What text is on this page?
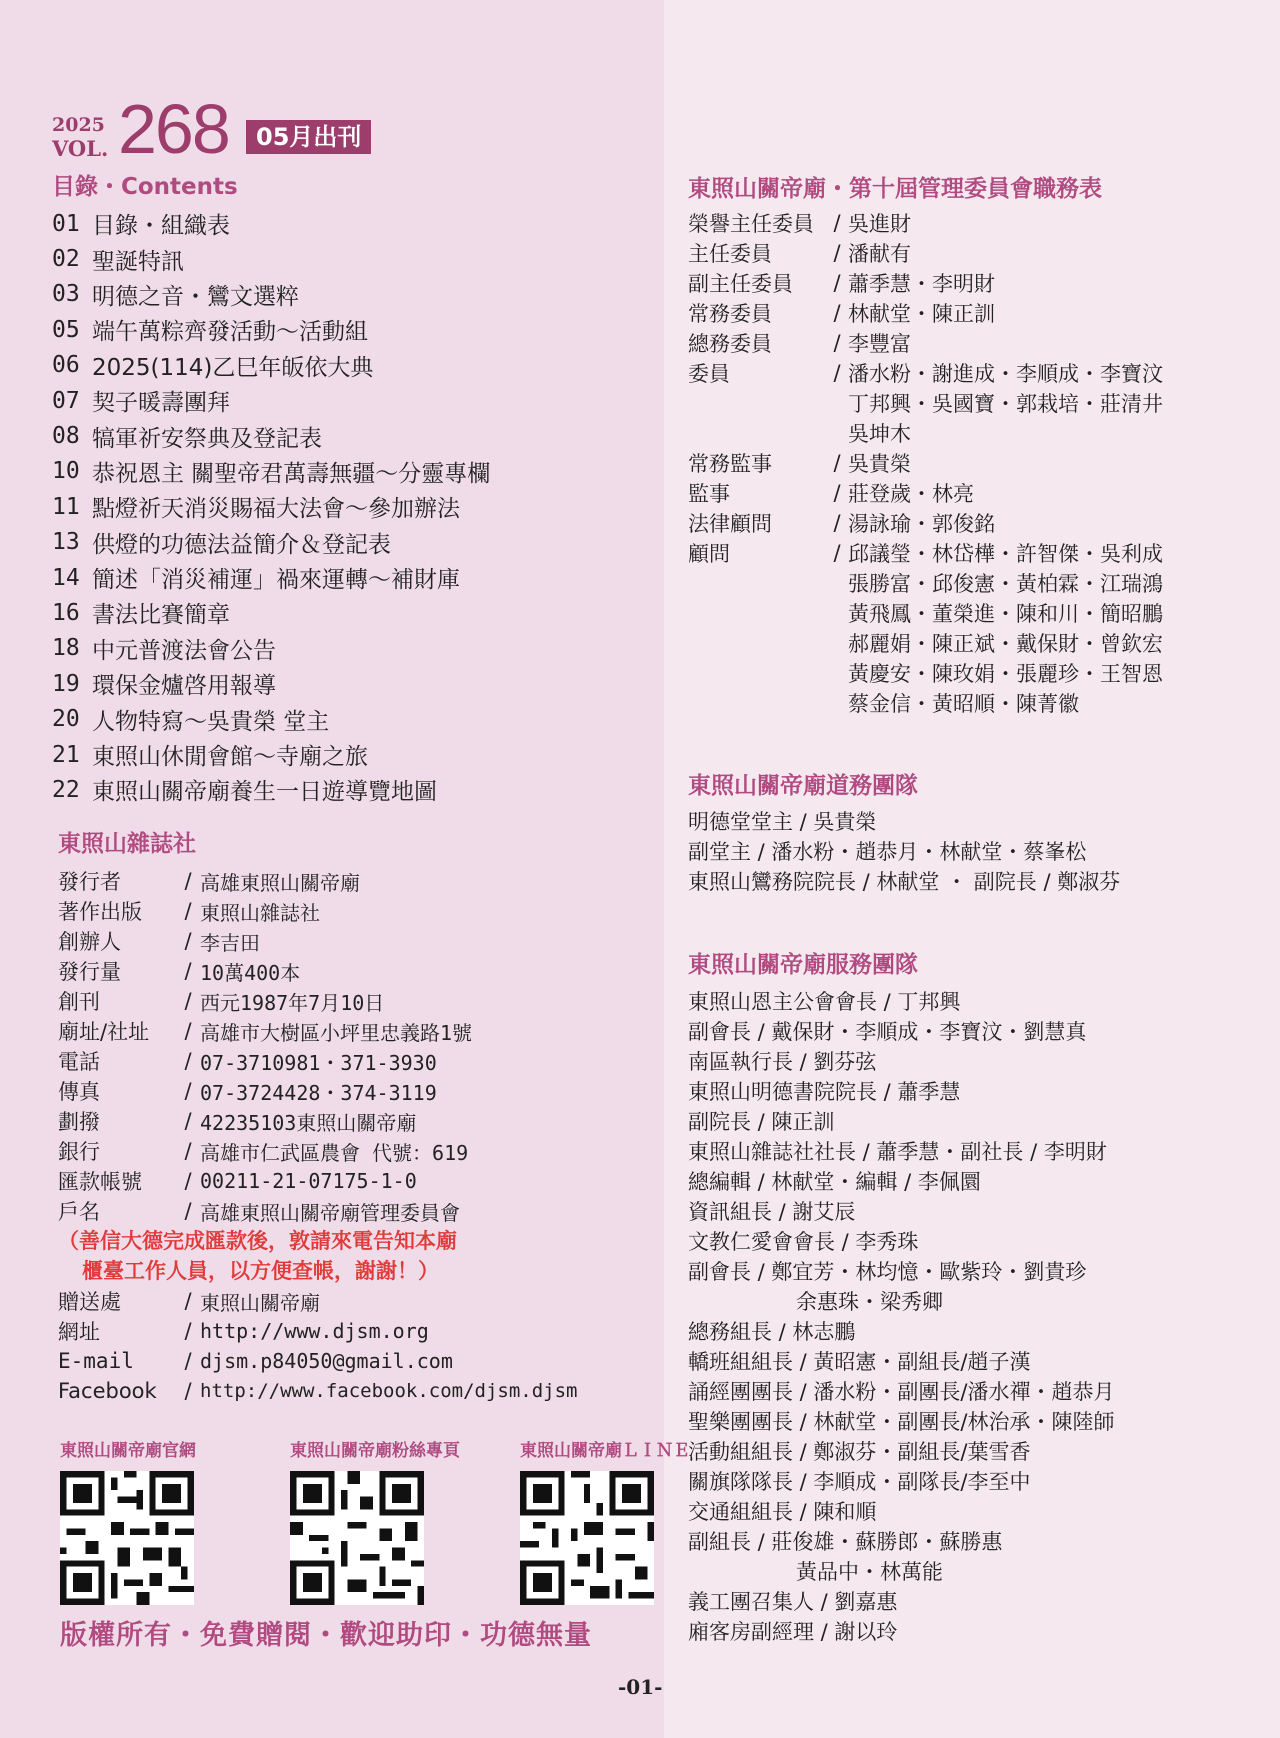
2025
VOL. 268	05月出刊
目錄・Contents
01 目錄・組織表
02 聖誕特訊
03 明德之音・鸞文選粹
05 端午萬粽齊發活動～活動組
06 2025(114)乙巳年皈依大典
07 契子暖壽團拜
08 犒軍祈安祭典及登記表
10 恭祝恩主 關聖帝君萬壽無疆～分靈專欄
11 點燈祈天消災賜福大法會～參加辦法
13 供燈的功德法益簡介＆登記表
14 簡述「消災補運」禍來運轉～補財庫
16 書法比賽簡章
18 中元普渡法會公告
19 環保金爐啓用報導
20 人物特寫～吳貴榮 堂主
21 東照山休閒會館～寺廟之旅
22 東照山關帝廟養生一日遊導覽地圖
東照山雜誌社
發行者	/ 高雄東照山關帝廟
著作出版	/ 東照山雜誌社
創辦人	/ 李吉田
發行量	/ 10萬400本
創刊	/ 西元1987年7月10日
廟址/社址	/ 高雄市大樹區小坪里忠義路1號
電話	/ 07-3710981・371-3930
傳真	/ 07-3724428・374-3119
劃撥	/ 42235103東照山關帝廟
銀行	/ 高雄市仁武區農會 代號：619
匯款帳號	/ 00211-21-07175-1-0
戶名	/ 高雄東照山關帝廟管理委員會
（善信大德完成匯款後，敦請來電告知本廟
櫃臺工作人員，以方便查帳，謝謝！）
贈送處	/ 東照山關帝廟
網址	/ http://www.djsm.org
E-mail	/ djsm.p84050@gmail.com
Facebook	/ http://www.facebook.com/djsm.djsm
東照山關帝廟官網	東照山關帝廟粉絲專頁	東照山關帝廟ＬＩＮＥ
版權所有・免費贈閱・歡迎助印・功德無量
-01-
東照山關帝廟・第十屆管理委員會職務表
榮譽主任委員 / 吳進財
主任委員	/ 潘献有
副主任委員	/ 蕭季慧・李明財
常務委員	/ 林献堂・陳正訓
總務委員	/ 李豐富
委員	/ 潘水粉・謝進成・李順成・李寶汶
丁邦興・吳國寶・郭栽培・莊清井
吳坤木
常務監事	/ 吳貴榮
監事	/ 莊登歲・林亮
法律顧問	/ 湯詠瑜・郭俊銘
顧問	/ 邱議瑩・林岱樺・許智傑・吳利成
張勝富・邱俊憲・黃柏霖・江瑞鴻
黃飛鳳・董榮進・陳和川・簡昭鵬
郝麗娟・陳正斌・戴保財・曾欽宏
黃慶安・陳玫娟・張麗珍・王智恩
蔡金信・黃昭順・陳菁徽
東照山關帝廟道務團隊
明德堂堂主 / 吳貴榮
副堂主 / 潘水粉・趙恭月・林献堂・蔡峯松
東照山鸞務院院長 / 林献堂 ・ 副院長 / 鄭淑芬
東照山關帝廟服務團隊
東照山恩主公會會長 / 丁邦興
副會長 / 戴保財・李順成・李寶汶・劉慧真
南區執行長 / 劉芬弦
東照山明德書院院長 / 蕭季慧
副院長 / 陳正訓
東照山雜誌社社長 / 蕭季慧・副社長 / 李明財
總編輯 / 林献堂・編輯 / 李佩圜
資訊組長 / 謝艾辰
文教仁愛會會長 / 李秀珠
副會長 / 鄭宜芳・林均憶・歐紫玲・劉貴珍
余惠珠・梁秀卿
總務組長 / 林志鵬
轎班組組長 / 黃昭憲・副組長/趙子漢
誦經團團長 / 潘水粉・副團長/潘水禪・趙恭月
聖樂團團長 / 林献堂・副團長/林治承・陳陸師
活動組組長 / 鄭淑芬・副組長/葉雪香
關旗隊隊長 / 李順成・副隊長/李至中
交通組組長 / 陳和順
副組長 / 莊俊雄・蘇勝郎・蘇勝惠
黃品中・林萬能
義工團召集人 / 劉嘉惠
廂客房副經理 / 謝以玲
